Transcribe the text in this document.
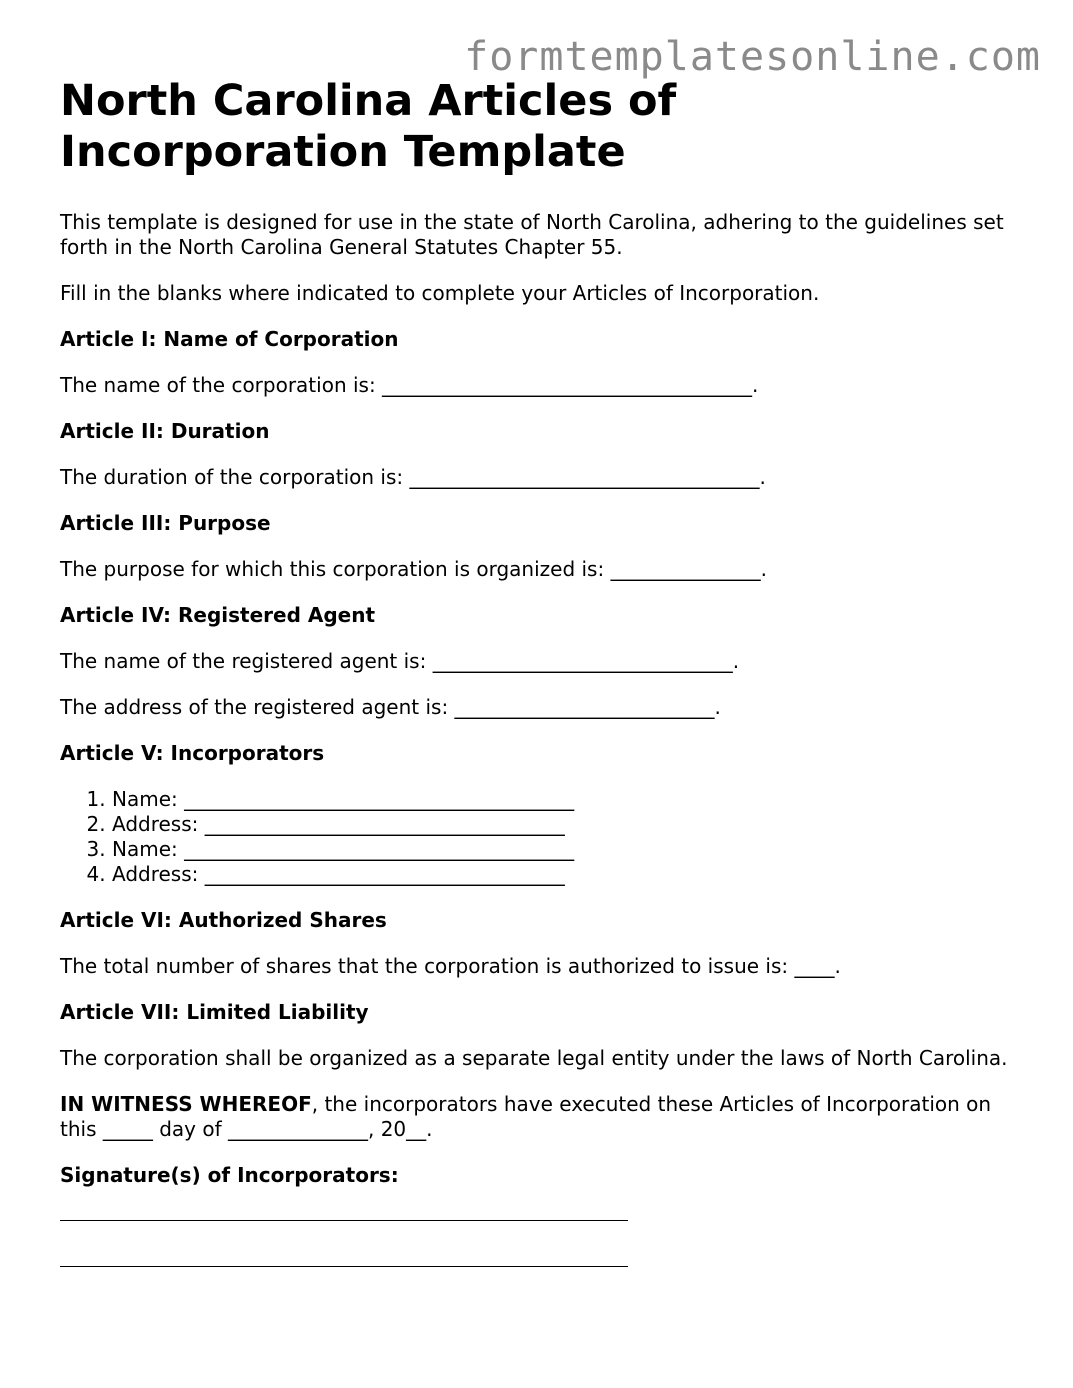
formtemplatesonline.com
North Carolina Articles of Incorporation Template

This template is designed for use in the state of North Carolina, adhering to the guidelines set forth in the North Carolina General Statutes Chapter 55.

Fill in the blanks where indicated to complete your Articles of Incorporation.

Article I: Name of Corporation

The name of the corporation is: _____________________________________.

Article II: Duration

The duration of the corporation is: ___________________________________.

Article III: Purpose

The purpose for which this corporation is organized is: _______________.

Article IV: Registered Agent

The name of the registered agent is: ______________________________.

The address of the registered agent is: __________________________.

Article V: Incorporators

1. Name: _______________________________________
2. Address: ____________________________________
3. Name: _______________________________________
4. Address: ____________________________________

Article VI: Authorized Shares

The total number of shares that the corporation is authorized to issue is: ____.

Article VII: Limited Liability

The corporation shall be organized as a separate legal entity under the laws of North Carolina.

IN WITNESS WHEREOF, the incorporators have executed these Articles of Incorporation on this _____ day of ______________, 20__.

Signature(s) of Incorporators:
